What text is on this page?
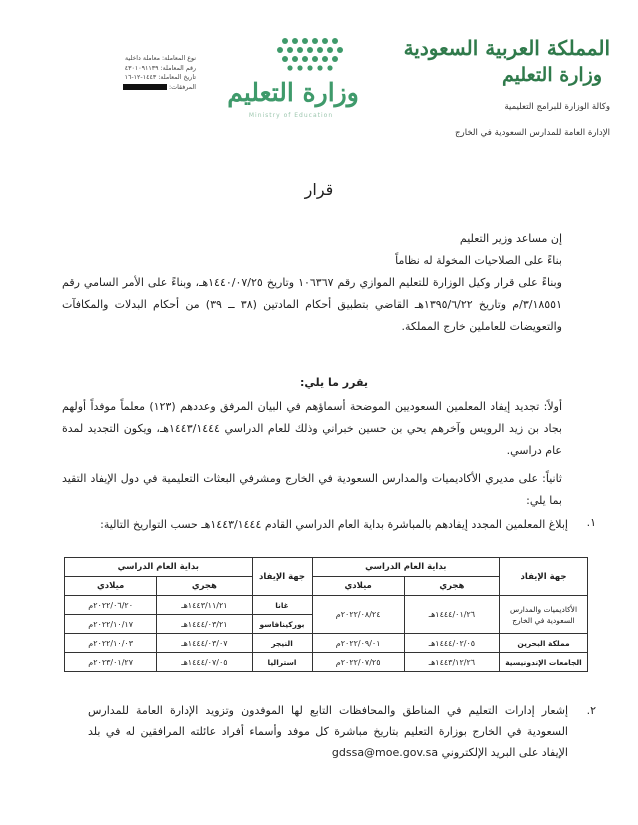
المملكة العربية السعودية
وزارة التعليم
وكالة الوزارة للبرامج التعليمية
الإدارة العامة للمدارس السعودية في الخارج
وزارة التعليم
Ministry of Education
نوع المعاملة: معاملة داخلية
رقم المعاملة: ٤٣٠١٠٩١١٣٩
تاريخ المعاملة: ١٤٤٣-١٢-١٦
المرفقات:
قرار
إن مساعد وزير التعليم
بناءً على الصلاحيات المخولة له نظاماً
وبناءً على قرار وكيل الوزارة للتعليم الموازي رقم ١٠٦٣٦٧ وتاريخ ١٤٤٠/٠٧/٢٥هـ، وبناءً على الأمر السامي رقم ٣/١٨٥٥١/م وتاريخ ١٣٩٥/٦/٢٢هـ القاضي بتطبيق أحكام المادتين (٣٨ ــ ٣٩) من أحكام البدلات والمكافآت والتعويضات للعاملين خارج المملكة.
يقرر ما يلي:
أولاً: تجديد إيفاد المعلمين السعوديين الموضحة أسماؤهم في البيان المرفق وعددهم (١٢٣) معلماً موفداً أولهم بجاد بن زيد الرويس وآخرهم يحي بن حسين خبراني وذلك للعام الدراسي ١٤٤٣/١٤٤٤هـ، ويكون التجديد لمدة عام دراسي.
ثانياً: على مديري الأكاديميات والمدارس السعودية في الخارج ومشرفي البعثات التعليمية في دول الإيفاد التقيد بما يلي:
١.
إبلاغ المعلمين المجدد إيفادهم بالمباشرة بداية العام الدراسي القادم ١٤٤٣/١٤٤٤هـ حسب التواريخ التالية:
جهة الإيفاد	بداية العام الدراسي		جهة الإيفاد	بداية العام الدراسي	
	هجري	ميلادي		هجري	ميلادي
الأكاديميات والمدارس السعودية في الخارج	١٤٤٤/٠١/٢٦هـ	٢٠٢٢/٠٨/٢٤م	غانا	١٤٤٣/١١/٢١هـ	٢٠٢٢/٠٦/٢٠م
			بوركينافاسو	١٤٤٤/٠٣/٢١هـ	٢٠٢٢/١٠/١٧م
مملكة البحرين	١٤٤٤/٠٢/٠٥هـ	٢٠٢٢/٠٩/٠١م	النيجر	١٤٤٤/٠٣/٠٧هـ	٢٠٢٢/١٠/٠٣م
الجامعات الإندونيسية	١٤٤٣/١٢/٢٦هـ	٢٠٢٢/٠٧/٢٥م	استراليا	١٤٤٤/٠٧/٠٥هـ	٢٠٢٣/٠١/٢٧م
٢.
إشعار إدارات التعليم في المناطق والمحافظات التابع لها الموفدون وتزويد الإدارة العامة للمدارس السعودية في الخارج بوزارة التعليم بتاريخ مباشرة كل موفد وأسماء أفراد عائلته المرافقين له في بلد الإيفاد على البريد الإلكتروني gdssa@moe.gov.sa
